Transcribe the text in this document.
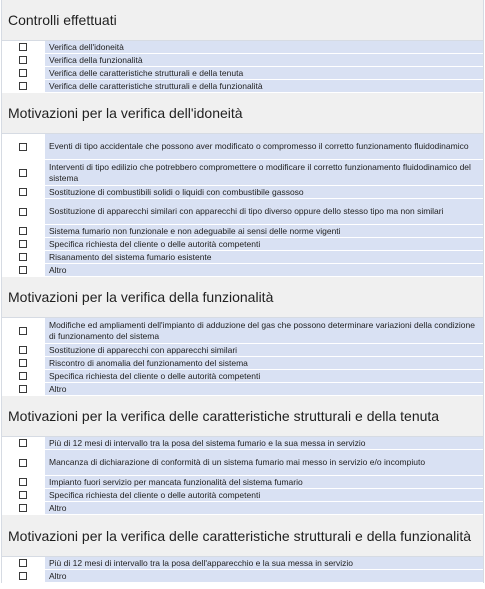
Controlli effettuati
Verifica dell'idoneità
Verifica della funzionalità
Verifica delle caratteristiche strutturali e della tenuta
Verifica delle caratteristiche strutturali e della funzionalità
Motivazioni per la verifica dell'idoneità
Eventi di tipo accidentale che possono aver modificato o compromesso il corretto funzionamento fluidodinamico
Interventi di tipo edilizio che potrebbero compromettere o modificare il corretto funzionamento fluidodinamico del sistema
Sostituzione di combustibili solidi o liquidi con combustibile gassoso
Sostituzione di apparecchi similari con apparecchi di tipo diverso oppure dello stesso tipo ma non similari
Sistema fumario non funzionale e non adeguabile ai sensi delle norme vigenti
Specifica richiesta del cliente o delle autorità competenti
Risanamento del sistema fumario esistente
Altro
Motivazioni per la verifica della funzionalità
Modifiche ed ampliamenti dell'impianto di adduzione del gas che possono determinare variazioni della condizione di funzionamento del sistema
Sostituzione di apparecchi con apparecchi similari
Riscontro di anomalia del funzionamento del sistema
Specifica richiesta del cliente o delle autorità competenti
Altro
Motivazioni per la verifica delle caratteristiche strutturali e della tenuta
Più di 12 mesi di intervallo tra la posa del sistema fumario e la sua messa in servizio
Mancanza di dichiarazione di conformità di un sistema fumario mai messo in servizio e/o incompiuto
Impianto fuori servizio per mancata funzionalità del sistema fumario
Specifica richiesta del cliente o delle autorità competenti
Altro
Motivazioni per la verifica delle caratteristiche strutturali e della funzionalità
Più di 12 mesi di intervallo tra la posa dell'apparecchio e la sua messa in servizio
Altro
